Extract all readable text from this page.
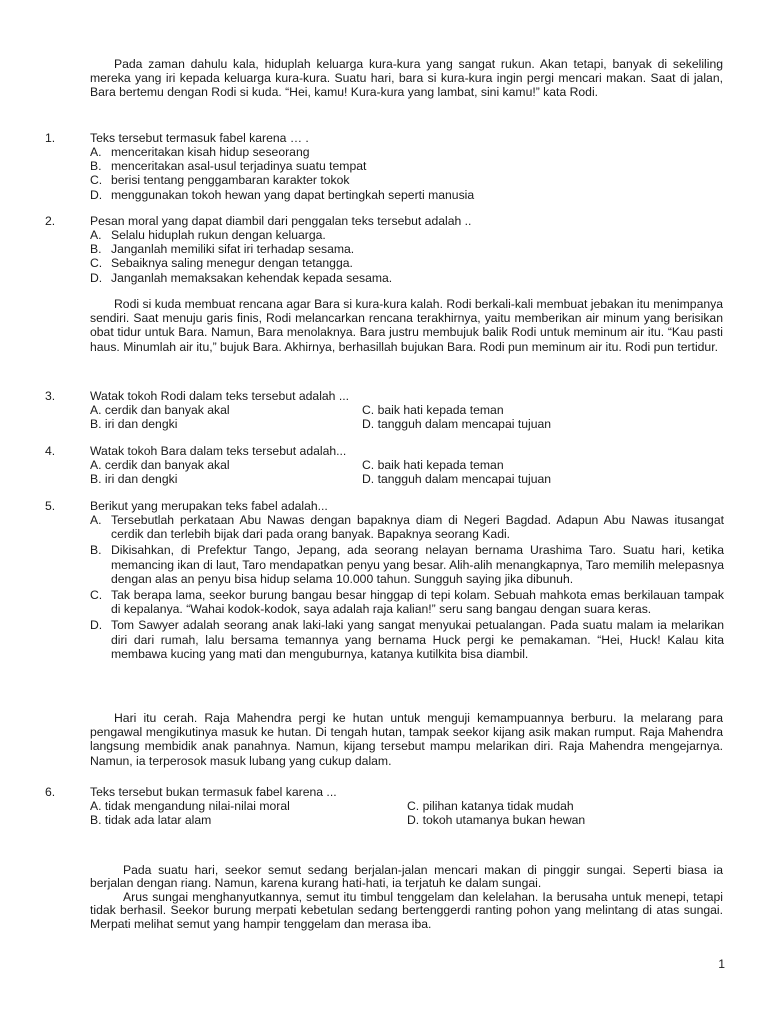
Pada zaman dahulu kala, hiduplah keluarga kura-kura yang sangat rukun. Akan tetapi, banyak di sekeliling mereka yang iri kepada keluarga kura-kura. Suatu hari, bara si kura-kura ingin pergi mencari makan. Saat di jalan, Bara bertemu dengan Rodi si kuda. “Hei, kamu! Kura-kura yang lambat, sini kamu!” kata Rodi.
1.	Teks tersebut termasuk fabel karena … .
A. menceritakan kisah hidup seseorang
B. menceritakan asal-usul terjadinya suatu tempat
C. berisi tentang penggambaran karakter tokok
D. menggunakan tokoh hewan yang dapat bertingkah seperti manusia
2.	Pesan moral yang dapat diambil dari penggalan teks tersebut adalah ..
A. Selalu hiduplah rukun dengan keluarga.
B. Janganlah memiliki sifat iri terhadap sesama.
C. Sebaiknya saling menegur dengan tetangga.
D. Janganlah memaksakan kehendak kepada sesama.
Rodi si kuda membuat rencana agar Bara si kura-kura kalah. Rodi berkali-kali membuat jebakan itu menimpanya sendiri. Saat menuju garis finis, Rodi melancarkan rencana terakhirnya, yaitu memberikan air minum yang berisikan obat tidur untuk Bara. Namun, Bara menolaknya. Bara justru membujuk balik Rodi untuk meminum air itu. “Kau pasti haus. Minumlah air itu,” bujuk Bara. Akhirnya, berhasillah bujukan Bara. Rodi pun meminum air itu. Rodi pun tertidur.
3.	Watak tokoh Rodi dalam teks tersebut adalah ...
A. cerdik dan banyak akal	C. baik hati kepada teman
B. iri dan dengki	D. tangguh dalam mencapai tujuan
4.	Watak tokoh Bara dalam teks tersebut adalah...
A. cerdik dan banyak akal	C. baik hati kepada teman
B. iri dan dengki	D. tangguh dalam mencapai tujuan
5.	Berikut yang merupakan teks fabel adalah...
A. Tersebutlah perkataan Abu Nawas dengan bapaknya diam di Negeri Bagdad. Adapun Abu Nawas itusangat cerdik dan terlebih bijak dari pada orang banyak. Bapaknya seorang Kadi.
B. Dikisahkan, di Prefektur Tango, Jepang, ada seorang nelayan bernama Urashima Taro. Suatu hari, ketika memancing ikan di laut, Taro mendapatkan penyu yang besar. Alih-alih menangkapnya, Taro memilih melepasnya dengan alas an penyu bisa hidup selama 10.000 tahun. Sungguh saying jika dibunuh.
C. Tak berapa lama, seekor burung bangau besar hinggap di tepi kolam. Sebuah mahkota emas berkilauan tampak di kepalanya. “Wahai kodok-kodok, saya adalah raja kalian!” seru sang bangau dengan suara keras.
D. Tom Sawyer adalah seorang anak laki-laki yang sangat menyukai petualangan. Pada suatu malam ia melarikan diri dari rumah, lalu bersama temannya yang bernama Huck pergi ke pemakaman. “Hei, Huck! Kalau kita membawa kucing yang mati dan menguburnya, katanya kutilkita bisa diambil.
Hari itu cerah. Raja Mahendra pergi ke hutan untuk menguji kemampuannya berburu. Ia melarang para pengawal mengikutinya masuk ke hutan. Di tengah hutan, tampak seekor kijang asik makan rumput. Raja Mahendra langsung membidik anak panahnya. Namun, kijang tersebut mampu melarikan diri. Raja Mahendra mengejarnya. Namun, ia terperosok masuk lubang yang cukup dalam.
6.	Teks tersebut bukan termasuk fabel karena ...
A. tidak mengandung nilai-nilai moral	C. pilihan katanya tidak mudah
B. tidak ada latar alam	D. tokoh utamanya bukan hewan

Pada suatu hari, seekor semut sedang berjalan-jalan mencari makan di pinggir sungai. Seperti biasa ia berjalan dengan riang. Namun, karena kurang hati-hati, ia terjatuh ke dalam sungai.

Arus sungai menghanyutkannya, semut itu timbul tenggelam dan kelelahan. Ia berusaha untuk menepi, tetapi tidak berhasil. Seekor burung merpati kebetulan sedang bertenggerdi ranting pohon yang melintang di atas sungai. Merpati melihat semut yang hampir tenggelam dan merasa iba.

1
